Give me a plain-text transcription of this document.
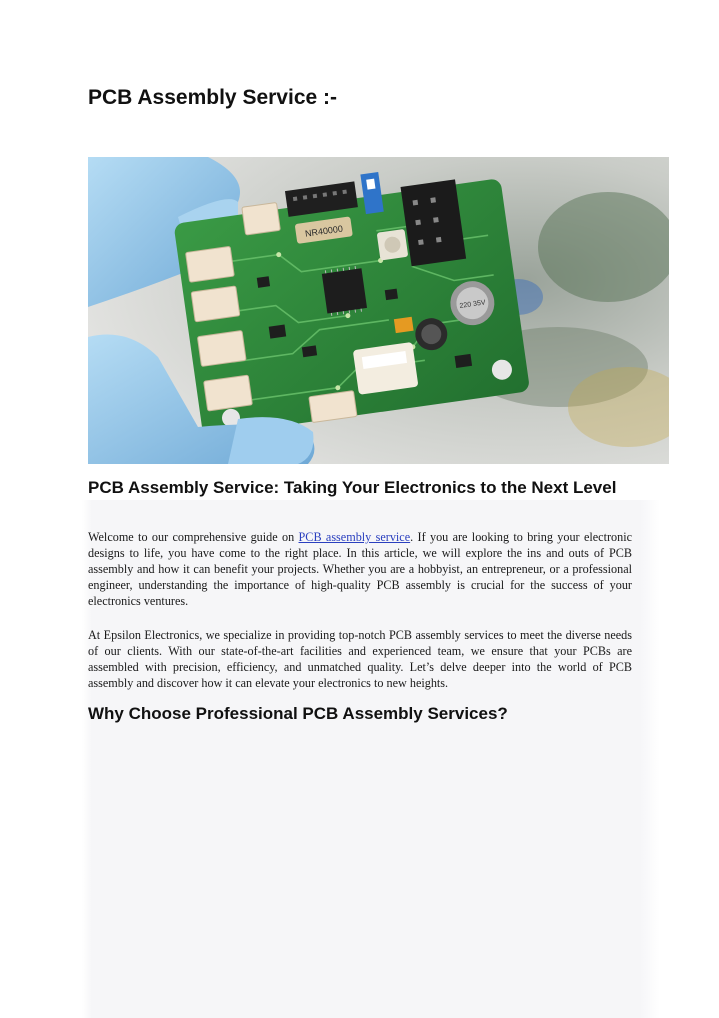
PCB Assembly Service :-
NR40000
220 35V
PCB Assembly Service: Taking Your Electronics to the Next Level

Welcome to our comprehensive guide on PCB assembly service. If you are looking to bring your electronic designs to life, you have come to the right place. In this article, we will explore the ins and outs of PCB assembly and how it can benefit your projects. Whether you are a hobbyist, an entrepreneur, or a professional engineer, understanding the importance of high-quality PCB assembly is crucial for the success of your electronics ventures.

At Epsilon Electronics, we specialize in providing top-notch PCB assembly services to meet the diverse needs of our clients. With our state-of-the-art facilities and experienced team, we ensure that your PCBs are assembled with precision, efficiency, and unmatched quality. Let’s delve deeper into the world of PCB assembly and discover how it can elevate your electronics to new heights.

Why Choose Professional PCB Assembly Services?
